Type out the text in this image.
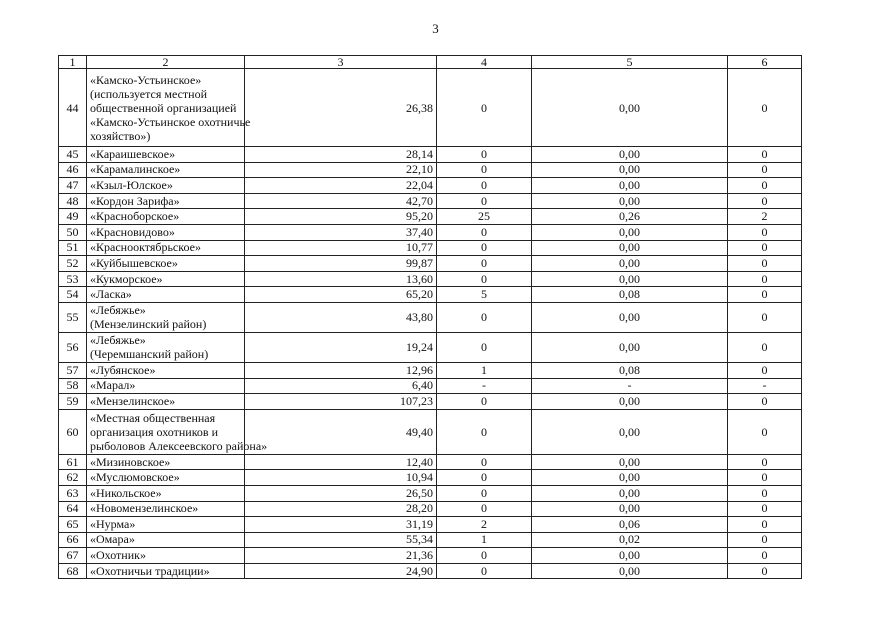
3
1	2	3	4	5	6
44	«Камско-Устьинское»
(используется местной
общественной организацией
«Камско-Устьинское охотничье
хозяйство»)	26,38	0	0,00	0
45	«Караишевское»	28,14	0	0,00	0
46	«Карамалинское»	22,10	0	0,00	0
47	«Кзыл-Юлское»	22,04	0	0,00	0
48	«Кордон Зарифа»	42,70	0	0,00	0
49	«Красноборское»	95,20	25	0,26	2
50	«Красновидово»	37,40	0	0,00	0
51	«Краснооктябрьское»	10,77	0	0,00	0
52	«Куйбышевское»	99,87	0	0,00	0
53	«Кукморское»	13,60	0	0,00	0
54	«Ласка»	65,20	5	0,08	0
55	«Лебяжье»
(Мензелинский район)	43,80	0	0,00	0
56	«Лебяжье»
(Черемшанский район)	19,24	0	0,00	0
57	«Лубянское»	12,96	1	0,08	0
58	«Марал»	6,40	-	-	-
59	«Мензелинское»	107,23	0	0,00	0
60	«Местная общественная
организация охотников и
рыболовов Алексеевского района»	49,40	0	0,00	0
61	«Мизиновское»	12,40	0	0,00	0
62	«Муслюмовское»	10,94	0	0,00	0
63	«Никольское»	26,50	0	0,00	0
64	«Новомензелинское»	28,20	0	0,00	0
65	«Нурма»	31,19	2	0,06	0
66	«Омара»	55,34	1	0,02	0
67	«Охотник»	21,36	0	0,00	0
68	«Охотничьи традиции»	24,90	0	0,00	0
